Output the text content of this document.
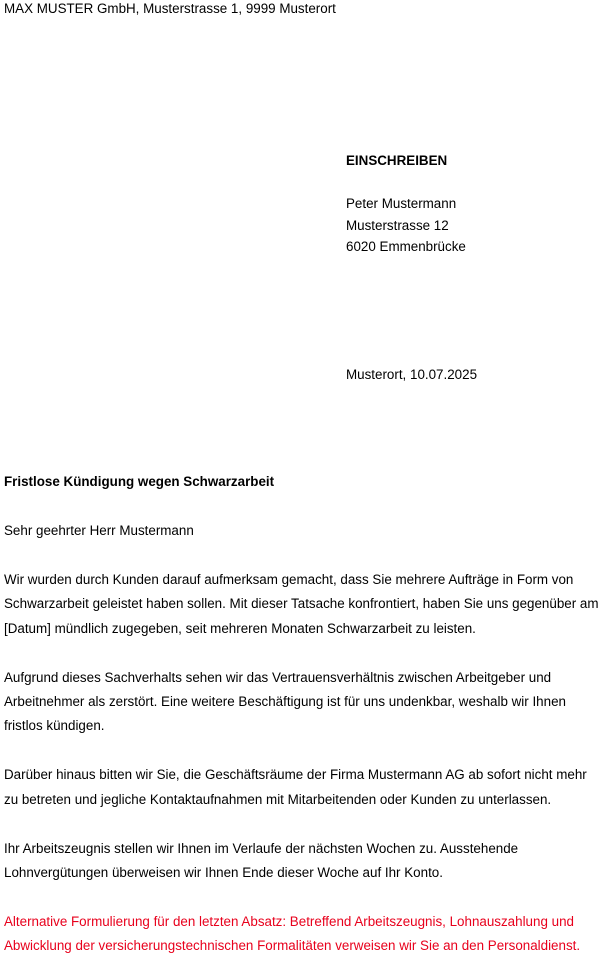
MAX MUSTER GmbH, Musterstrasse 1, 9999 Musterort
EINSCHREIBEN
Peter Mustermann
Musterstrasse 12
6020 Emmenbrücke
Musterort, 10.07.2025
Fristlose Kündigung wegen Schwarzarbeit
Sehr geehrter Herr Mustermann
Wir wurden durch Kunden darauf aufmerksam gemacht, dass Sie mehrere Aufträge in Form von
Schwarzarbeit geleistet haben sollen. Mit dieser Tatsache konfrontiert, haben Sie uns gegenüber am
[Datum] mündlich zugegeben, seit mehreren Monaten Schwarzarbeit zu leisten.
Aufgrund dieses Sachverhalts sehen wir das Vertrauensverhältnis zwischen Arbeitgeber und
Arbeitnehmer als zerstört. Eine weitere Beschäftigung ist für uns undenkbar, weshalb wir Ihnen
fristlos kündigen.
Darüber hinaus bitten wir Sie, die Geschäftsräume der Firma Mustermann AG ab sofort nicht mehr
zu betreten und jegliche Kontaktaufnahmen mit Mitarbeitenden oder Kunden zu unterlassen.
Ihr Arbeitszeugnis stellen wir Ihnen im Verlaufe der nächsten Wochen zu. Ausstehende
Lohnvergütungen überweisen wir Ihnen Ende dieser Woche auf Ihr Konto.
Alternative Formulierung für den letzten Absatz: Betreffend Arbeitszeugnis, Lohnauszahlung und
Abwicklung der versicherungstechnischen Formalitäten verweisen wir Sie an den Personaldienst.
